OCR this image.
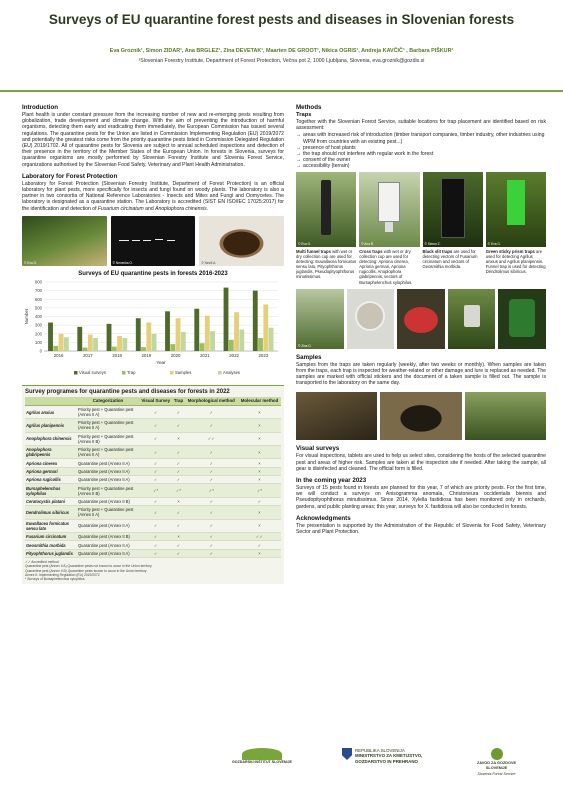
Surveys of EU quarantine forest pests and diseases in Slovenian forests
Eva Groznik¹, Simon ZIDAR¹, Ana BRGLEZ¹, Zina DEVETAK¹, Maarten DE GROOT¹, Nikica OGRIS¹, Andreja KAVČIČ¹ , Barbara PIŠKUR¹
¹Slovenian Forestry Institute, Department of Forest Protection, Večna pot 2, 1000 Ljubljana, Slovenia, eva.groznik@gozdis.si
Introduction

Plant health is under constant pressure from the increasing number of new and re-emerging pests resulting from globalization, trade development and climate change. With the aim of preventing the introduction of harmful organisms, detecting them early and eradicating them immediately, the European Commission has issued several regulations. The quarantine pests for the Union are listed in Commission Implementing Regulation (EU) 2019/2072 and potentially the greatest risks come from the priority quarantine pests listed in Commission Delegated Regulation (EU) 2019/1702. All of quarantine pests for Slovenia are subject to annual scheduled inspections and detection of their presence in the territory of the Member States of the European Union. In forests in Slovenia, surveys for quarantine organisms are mostly performed by Slovenian Forestry Institute and Slovenia Forest Service, organizations authorised by the Slovenian Food Safety, Veterinary and Plant Health Administration.

Laboratory for Forest Protection

Laboratory for Forest Protection (Slovenian Forestry Institute, Department of Forest Protection) is an official laboratory for plant pests, more specifically for insects and fungi found on woody plants. The laboratory is also a partner in two consortia of National Reference Laboratories - Insects and Mites and Fungi and Oomycetes. The laboratory is designated as a quarantine station. The Laboratory is accredited (SIST EN ISO/IEC 17025:2017) for the identification and detection of Fusarium circinatum and Anoplophora chinensis.

© Eva G.	© Nevenka O.	© Nevill A.
Surveys of EU quarantine pests in forests 2016-2023
0
100
200
300
400
500
600
700
800
Number
2016	2017	2018	2019	2020	2021	2022	2023
Year
Visual surveys	Trap	Samples	Analyses
Survey programes for quarantine pests and diseases for forests in 2022
	Categorization	Visual Survey	Trap	Morphological method	Molecular method
Agrilus anxius	Priority pest + Quarantine pest (Annex II A)	✓	✓	✓	×
Agrilus planipennis	Priority pest + Quarantine pest (Annex II A)	✓	✓	✓	×
Anoplophora chinensis	Priority pest + Quarantine pest (Annex II B)	✓	×	✓✓	×
Anoplophora glabripennis	Priority pest + Quarantine pest (Annex II A)	✓	✓	✓	×
Apriona cinerea	Quarantine pest (Annex II A)	✓	✓	✓	×
Apriona germari	Quarantine pest (Annex II A)	✓	✓	✓	×
Apriona rugicollis	Quarantine pest (Annex II A)	✓	✓	✓	×
Bursaphelenchus xylophilus	Priority pest + Quarantine pest (Annex II B)	✓*	✓*	✓*	✓*
Ceratocystis platani	Quarantine pest (Annex II B)	✓	×	✓	✓
Dendrolimus sibiricus	Priority pest + Quarantine pest (Annex II A)	✓	✓	✓	×
Euwallacea fornicatus sensu lato	Quarantine pest (Annex II A)	✓	✓	✓	×
Fusarium circinatum	Quarantine pest (Annex II B)	✓	×	✓	✓✓
Geosmithia morbida	Quarantine pest (Annex II A)	✓	✓	✓	✓
Pityophthorus juglandis	Quarantine pest (Annex II A)	✓	✓	✓	×
✓✓ Accredited method
Quarantine pest (Annex II A) Quarantine pests not known to occur in the Union territory
Quarantine pest (Annex II B) Quarantine pests known to occur in the Union territory
Annex II: Implementing Regulation (EU) 2019/2072
* Surveys of Bursaphelenchus xylophilus
Methods
Traps

Together with the Slovenian Forest Service, suitable locations for trap placement are identified based on risk assessment:

→ areas with increased risk of introduction (timber transport companies, timber industry, other industries using WPM from countries with an existing pest...)
→ presence of host plants
→ the trap should not interfere with regular work in the forest
→ consent of the owner
→ accessibility (terrain)
© Eva G.
Multi funnel traps with wet or dry collection cup are used for detecting: Euwallacea fornicatus sensu lato, Pityophthorus juglandis, Pseudopityophthorus minutissimus.
© Ana B.
Cross traps with wet or dry collection cup are used for detecting: Apriona cinerea, Apriona germari, Apriona rugicollis, Anoplophora glabripennis, vectors of Bursaphelenchus xylophilus.
© Simon Z.
Black slit traps are used for detecting vectors of Fusarium circinatum and vectors of Geosmithia morbida.
© Eva G.
Green sticky prism traps are used for detecting Agrilus anxius and Agrilus planipennis. Funnel trap is used for detecting Dendrolimus sibiricus.
© Zina D.
Samples

Samples from the traps are taken regularly (weekly, after two weeks or monthly). When samples are taken from the traps, each trap is inspected for weather-related or other damage and lure is replaced as needed. The samples are marked with official stickers and the document of a taken sample is filled out. The sample is transported to the laboratory on the same day.

Visual surveys

For visual inspections, tablets are used to help us select sites, considering the hosts of the selected quarantine pest and areas of higher risk. Samples are taken at the inspection site if needed. After taking the sample, all gear is disinfected and cleaned. The official form is filled.

In the coming year 2023

Surveys of 15 pests found in forests are planned for this year, 7 of which are priority pests. For the first time, we will conduct a surveys on Anisogramma anomala, Christoneura occidentalis biennis and Pseudopityophthorus minutissimus. Since 2014, Xylella fastidiosa has been monitored only in orchards, gardens, and public planting areas; this year, surveys for X. fastidiosa will also be conducted in forests.

Acknowledgments

The presentation is supported by the Administration of the Republic of Slovenia for Food Safety, Veterinary Sector and Plant Protection.

GOZDARSKI INŠTITUT SLOVENIJE
REPUBLIKA SLOVENIJA
MINISTRSTVO ZA KMETIJSTVO,
GOZDARSTVO IN PREHRANO	ZAVOD ZA GOZDOVE
SLOVENIJE
Slovenia Forest Service
